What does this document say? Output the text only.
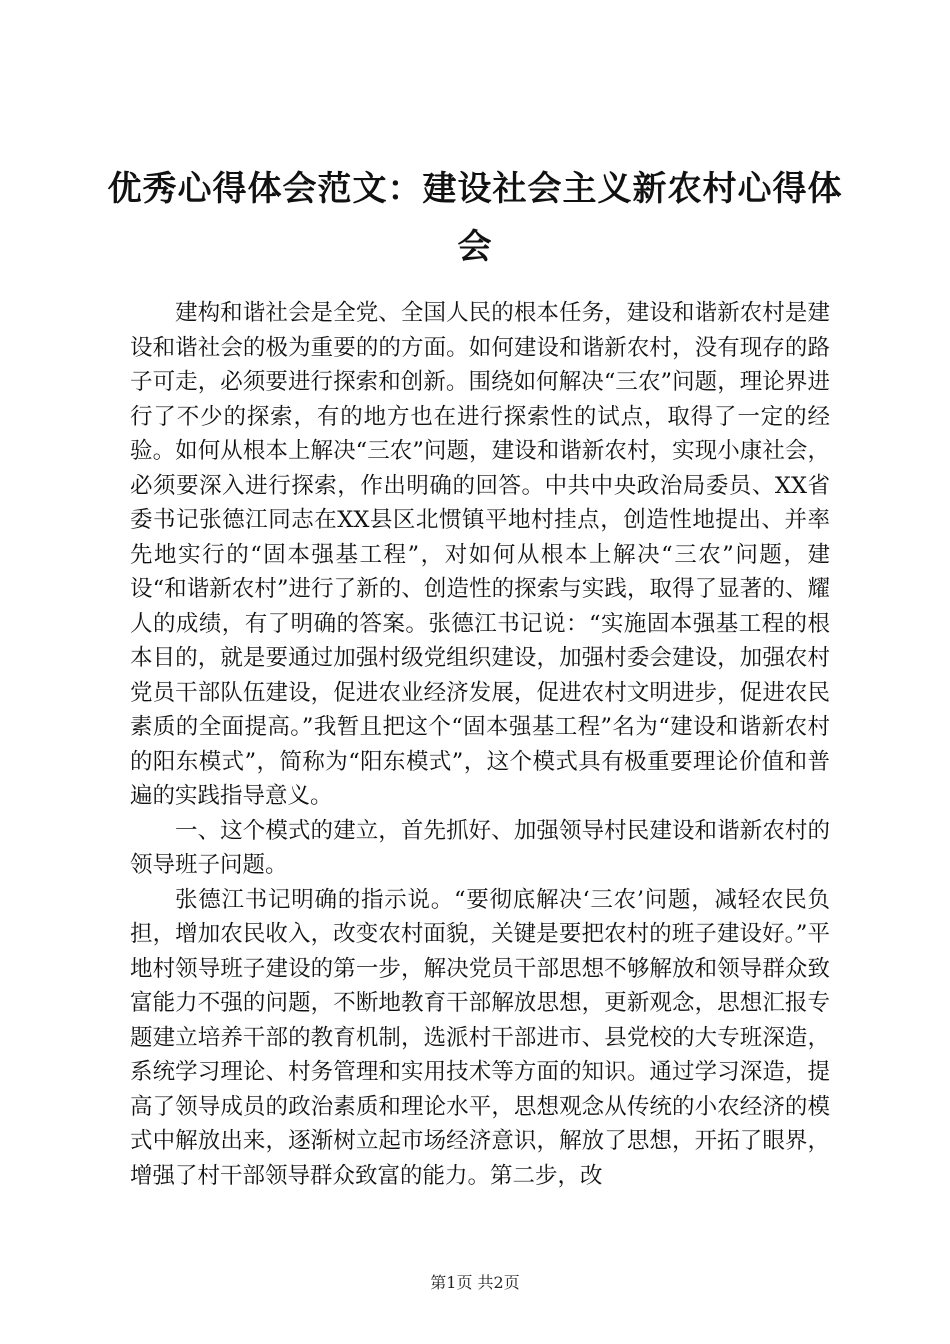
优秀心得体会范文：建设社会主义新农村心得体会

建构和谐社会是全党、全国人民的根本任务，建设和谐新农村是建设和谐社会的极为重要的的方面。如何建设和谐新农村，没有现存的路子可走，必须要进行探索和创新。围绕如何解决“三农”问题，理论界进行了不少的探索，有的地方也在进行探索性的试点，取得了一定的经验。如何从根本上解决“三农”问题，建设和谐新农村，实现小康社会，必须要深入进行探索，作出明确的回答。中共中央政治局委员、XX省委书记张德江同志在XX县区北惯镇平地村挂点，创造性地提出、并率先地实行的“固本强基工程”，对如何从根本上解决“三农”问题，建设“和谐新农村”进行了新的、创造性的探索与实践，取得了显著的、耀人的成绩，有了明确的答案。张德江书记说：“实施固本强基工程的根本目的，就是要通过加强村级党组织建设，加强村委会建设，加强农村党员干部队伍建设，促进农业经济发展，促进农村文明进步，促进农民素质的全面提高。”我暂且把这个“固本强基工程”名为“建设和谐新农村的阳东模式”，简称为“阳东模式”，这个模式具有极重要理论价值和普遍的实践指导意义。

一、这个模式的建立，首先抓好、加强领导村民建设和谐新农村的领导班子问题。

张德江书记明确的指示说。“要彻底解决‘三农’问题，减轻农民负担，增加农民收入，改变农村面貌，关键是要把农村的班子建设好。”平地村领导班子建设的第一步，解决党员干部思想不够解放和领导群众致富能力不强的问题，不断地教育干部解放思想，更新观念，思想汇报专题建立培养干部的教育机制，选派村干部进市、县党校的大专班深造，系统学习理论、村务管理和实用技术等方面的知识。通过学习深造，提高了领导成员的政治素质和理论水平，思想观念从传统的小农经济的模式中解放出来，逐渐树立起市场经济意识，解放了思想，开拓了眼界，增强了村干部领导群众致富的能力。第二步，改

第1页 共2页
